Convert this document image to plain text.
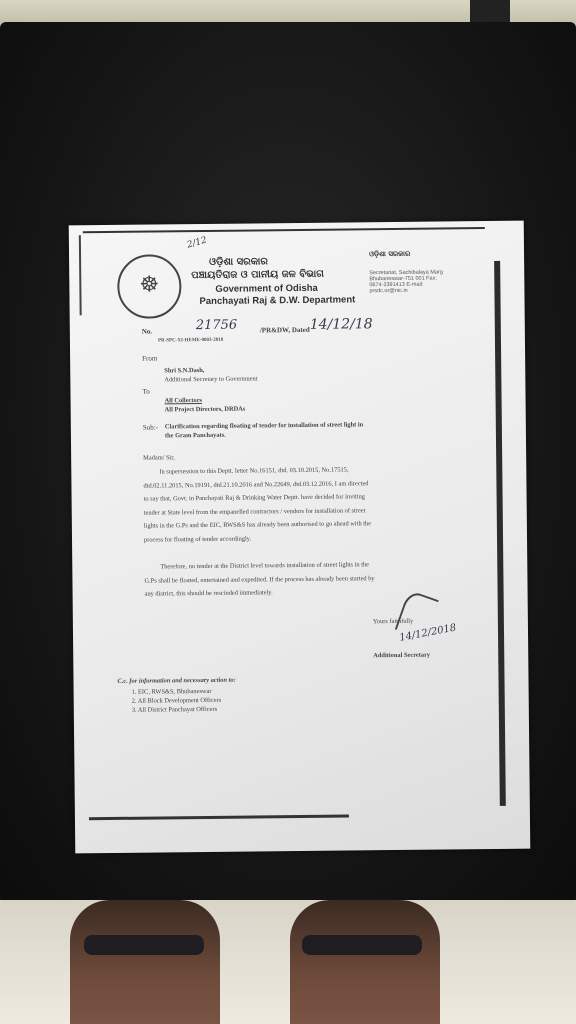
☸
2/12
ଓଡ଼ିଶା ସରକାର
ପଞ୍ଚାୟତିରାଜ ଓ ପାନୀୟ ଜଳ ବିଭାଗ
Government of Odisha
Panchayati Raj & D.W. Department
ଓଡ଼ିଶା ସରକାର
Secretariat, Sachibalaya Marg Bhubaneswar-751 001 Fax: 0674-2391413 E-mail: prsdc.or@nic.in
No.	21756	/PR&DW, Dated 14/12/18
PR-SPC-XI-HEME-0003-2018
From
Shri S.N.Dash,
Additional Secretary to Government
To
All Collectors
All Project Directors, DRDAs
Sub:- Clarification regarding floating of tender for installation of street light in
the Gram Panchayats.
Madam/ Sir,
In supersession to this Deptt. letter No.16151, dtd. 03.10.2015, No.17515,
dtd.02.11.2015, No.19191, dtd.21.10.2016 and No.22649, dtd.03.12.2016, I am directed
to say that, Govt. in Panchayati Raj & Drinking Water Deptt. have decided for inviting
tender at State level from the empanelled contractors / vendors for installation of street
lights in the G.Ps and the EIC, RWS&S has already been authorised to go ahead with the
process for floating of tender accordingly.
Therefore, no tender at the District level towards installation of street lights in the
G.Ps shall be floated, entertained and expedited. If the process has already been started by
any district, this should be rescinded immediately.
Yours faithfully
14/12/2018
Additional Secretary
C.c. for information and necessary action to:
1. EIC, RWS&S, Bhubaneswar
2. All Block Development Officers
3. All District Panchayat Officers
